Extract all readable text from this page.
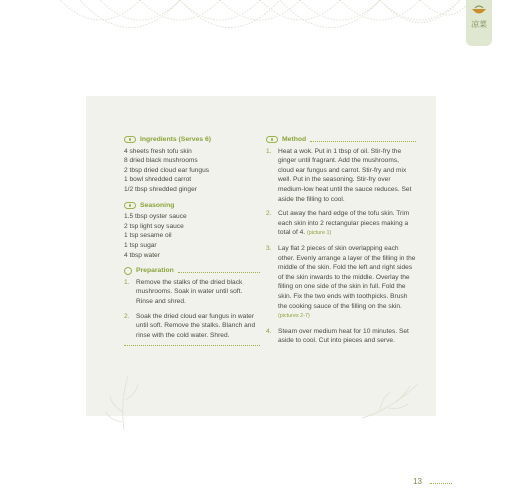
凉菜
Ingredients (Serves 6)
4 sheets fresh tofu skin
8 dried black mushrooms
2 tbsp dried cloud ear fungus
1 bowl shredded carrot
1/2 tbsp shredded ginger
Seasoning
1.5 tbsp oyster sauce
2 tsp light soy sauce
1 tsp sesame oil
1 tsp sugar
4 tbsp water
Preparation
1. Remove the stalks of the dried black mushrooms. Soak in water until soft. Rinse and shred.
2. Soak the dried cloud ear fungus in water until soft. Remove the stalks. Blanch and rinse with the cold water. Shred.
Method
1. Heat a wok. Put in 1 tbsp of oil. Stir-fry the ginger until fragrant. Add the mushrooms, cloud ear fungus and carrot. Stir-fry and mix well. Put in the seasoning. Stir-fry over medium-low heat until the sauce reduces. Set aside the filling to cool.
2. Cut away the hard edge of the tofu skin. Trim each skin into 2 rectangular pieces making a total of 4. (picture 1)
3. Lay flat 2 pieces of skin overlapping each other. Evenly arrange a layer of the filling in the middle of the skin. Fold the left and right sides of the skin inwards to the middle. Overlay the filling on one side of the skin in full. Fold the skin. Fix the two ends with toothpicks. Brush the cooking sauce of the filling on the skin. (pictures 2-7)
4. Steam over medium heat for 10 minutes. Set aside to cool. Cut into pieces and serve.
13
